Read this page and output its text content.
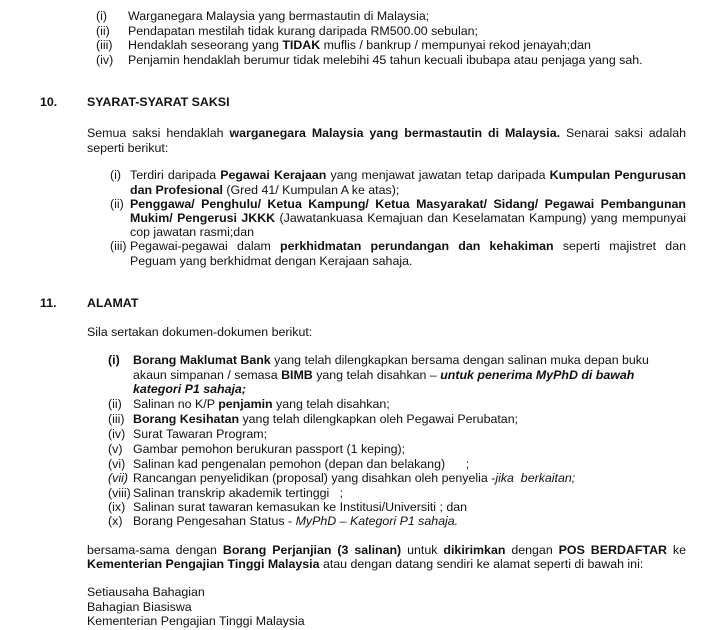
(i) Warganegara Malaysia yang bermastautin di Malaysia;
(ii) Pendapatan mestilah tidak kurang daripada RM500.00 sebulan;
(iii) Hendaklah seseorang yang TIDAK muflis / bankrup / mempunyai rekod jenayah;dan
(iv) Penjamin hendaklah berumur tidak melebihi 45 tahun kecuali ibubapa atau penjaga yang sah.
10. SYARAT-SYARAT SAKSI
Semua saksi hendaklah warganegara Malaysia yang bermastautin di Malaysia. Senarai saksi adalah
seperti berikut:
(i) Terdiri daripada Pegawai Kerajaan yang menjawat jawatan tetap daripada Kumpulan Pengurusan
dan Profesional (Gred 41/ Kumpulan A ke atas);
(ii) Penggawa/ Penghulu/ Ketua Kampung/ Ketua Masyarakat/ Sidang/ Pegawai Pembangunan
Mukim/ Pengerusi JKKK (Jawatankuasa Kemajuan dan Keselamatan Kampung) yang mempunyai
cop jawatan rasmi;dan
(iii) Pegawai-pegawai dalam perkhidmatan perundangan dan kehakiman seperti majistret dan
Peguam yang berkhidmat dengan Kerajaan sahaja.
11. ALAMAT
Sila sertakan dokumen-dokumen berikut:
(i) Borang Maklumat Bank yang telah dilengkapkan bersama dengan salinan muka depan buku
akaun simpanan / semasa BIMB yang telah disahkan – untuk penerima MyPhD di bawah
kategori P1 sahaja;
(ii) Salinan no K/P penjamin yang telah disahkan;
(iii) Borang Kesihatan yang telah dilengkapkan oleh Pegawai Perubatan;
(iv) Surat Tawaran Program;
(v) Gambar pemohon berukuran passport (1 keping);
(vi) Salinan kad pengenalan pemohon (depan dan belakang)      ;
(vii) Rancangan penyelidikan (proposal) yang disahkan oleh penyelia -jika  berkaitan;
(viii) Salinan transkrip akademik tertinggi   ;
(ix) Salinan surat tawaran kemasukan ke Institusi/Universiti ; dan
(x) Borang Pengesahan Status - MyPhD – Kategori P1 sahaja.
bersama-sama dengan Borang Perjanjian (3 salinan) untuk dikirimkan dengan POS BERDAFTAR ke
Kementerian Pengajian Tinggi Malaysia atau dengan datang sendiri ke alamat seperti di bawah ini:
Setiausaha Bahagian
Bahagian Biasiswa
Kementerian Pengajian Tinggi Malaysia
